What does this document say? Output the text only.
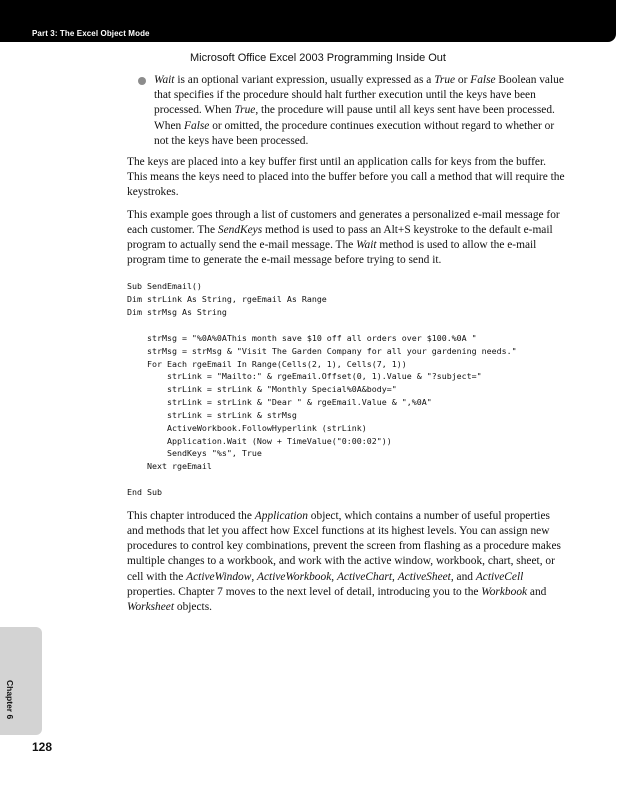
Part 3: The Excel Object Mode
Microsoft Office Excel 2003 Programming Inside Out
Wait is an optional variant expression, usually expressed as a True or False Boolean value that specifies if the procedure should halt further execution until the keys have been processed. When True, the procedure will pause until all keys sent have been processed. When False or omitted, the procedure continues execution without regard to whether or not the keys have been processed.

The keys are placed into a key buffer first until an application calls for keys from the buffer. This means the keys need to placed into the buffer before you call a method that will require the keystrokes.

This example goes through a list of customers and generates a personalized e-mail message for each customer. The SendKeys method is used to pass an Alt+S keystroke to the default e-mail program to actually send the e-mail message. The Wait method is used to allow the e-mail program time to generate the e-mail message before trying to send it.

Sub SendEmail()
Dim strLink As String, rgeEmail As Range
Dim strMsg As String

strMsg = "%0A%0AThis month save $10 off all orders over $100.%0A "
strMsg = strMsg & "Visit The Garden Company for all your gardening needs."
For Each rgeEmail In Range(Cells(2, 1), Cells(7, 1))
strLink = "Mailto:" & rgeEmail.Offset(0, 1).Value & "?subject="
strLink = strLink & "Monthly Special%0A&body="
strLink = strLink & "Dear " & rgeEmail.Value & ",%0A"
strLink = strLink & strMsg
ActiveWorkbook.FollowHyperlink (strLink)
Application.Wait (Now + TimeValue("0:00:02"))
SendKeys "%s", True
Next rgeEmail

End Sub

This chapter introduced the Application object, which contains a number of useful properties and methods that let you affect how Excel functions at its highest levels. You can assign new procedures to control key combinations, prevent the screen from flashing as a procedure makes multiple changes to a workbook, and work with the active window, workbook, chart, sheet, or cell with the ActiveWindow, ActiveWorkbook, ActiveChart, ActiveSheet, and ActiveCell properties. Chapter 7 moves to the next level of detail, introducing you to the Workbook and Worksheet objects.

Chapter 6
128
